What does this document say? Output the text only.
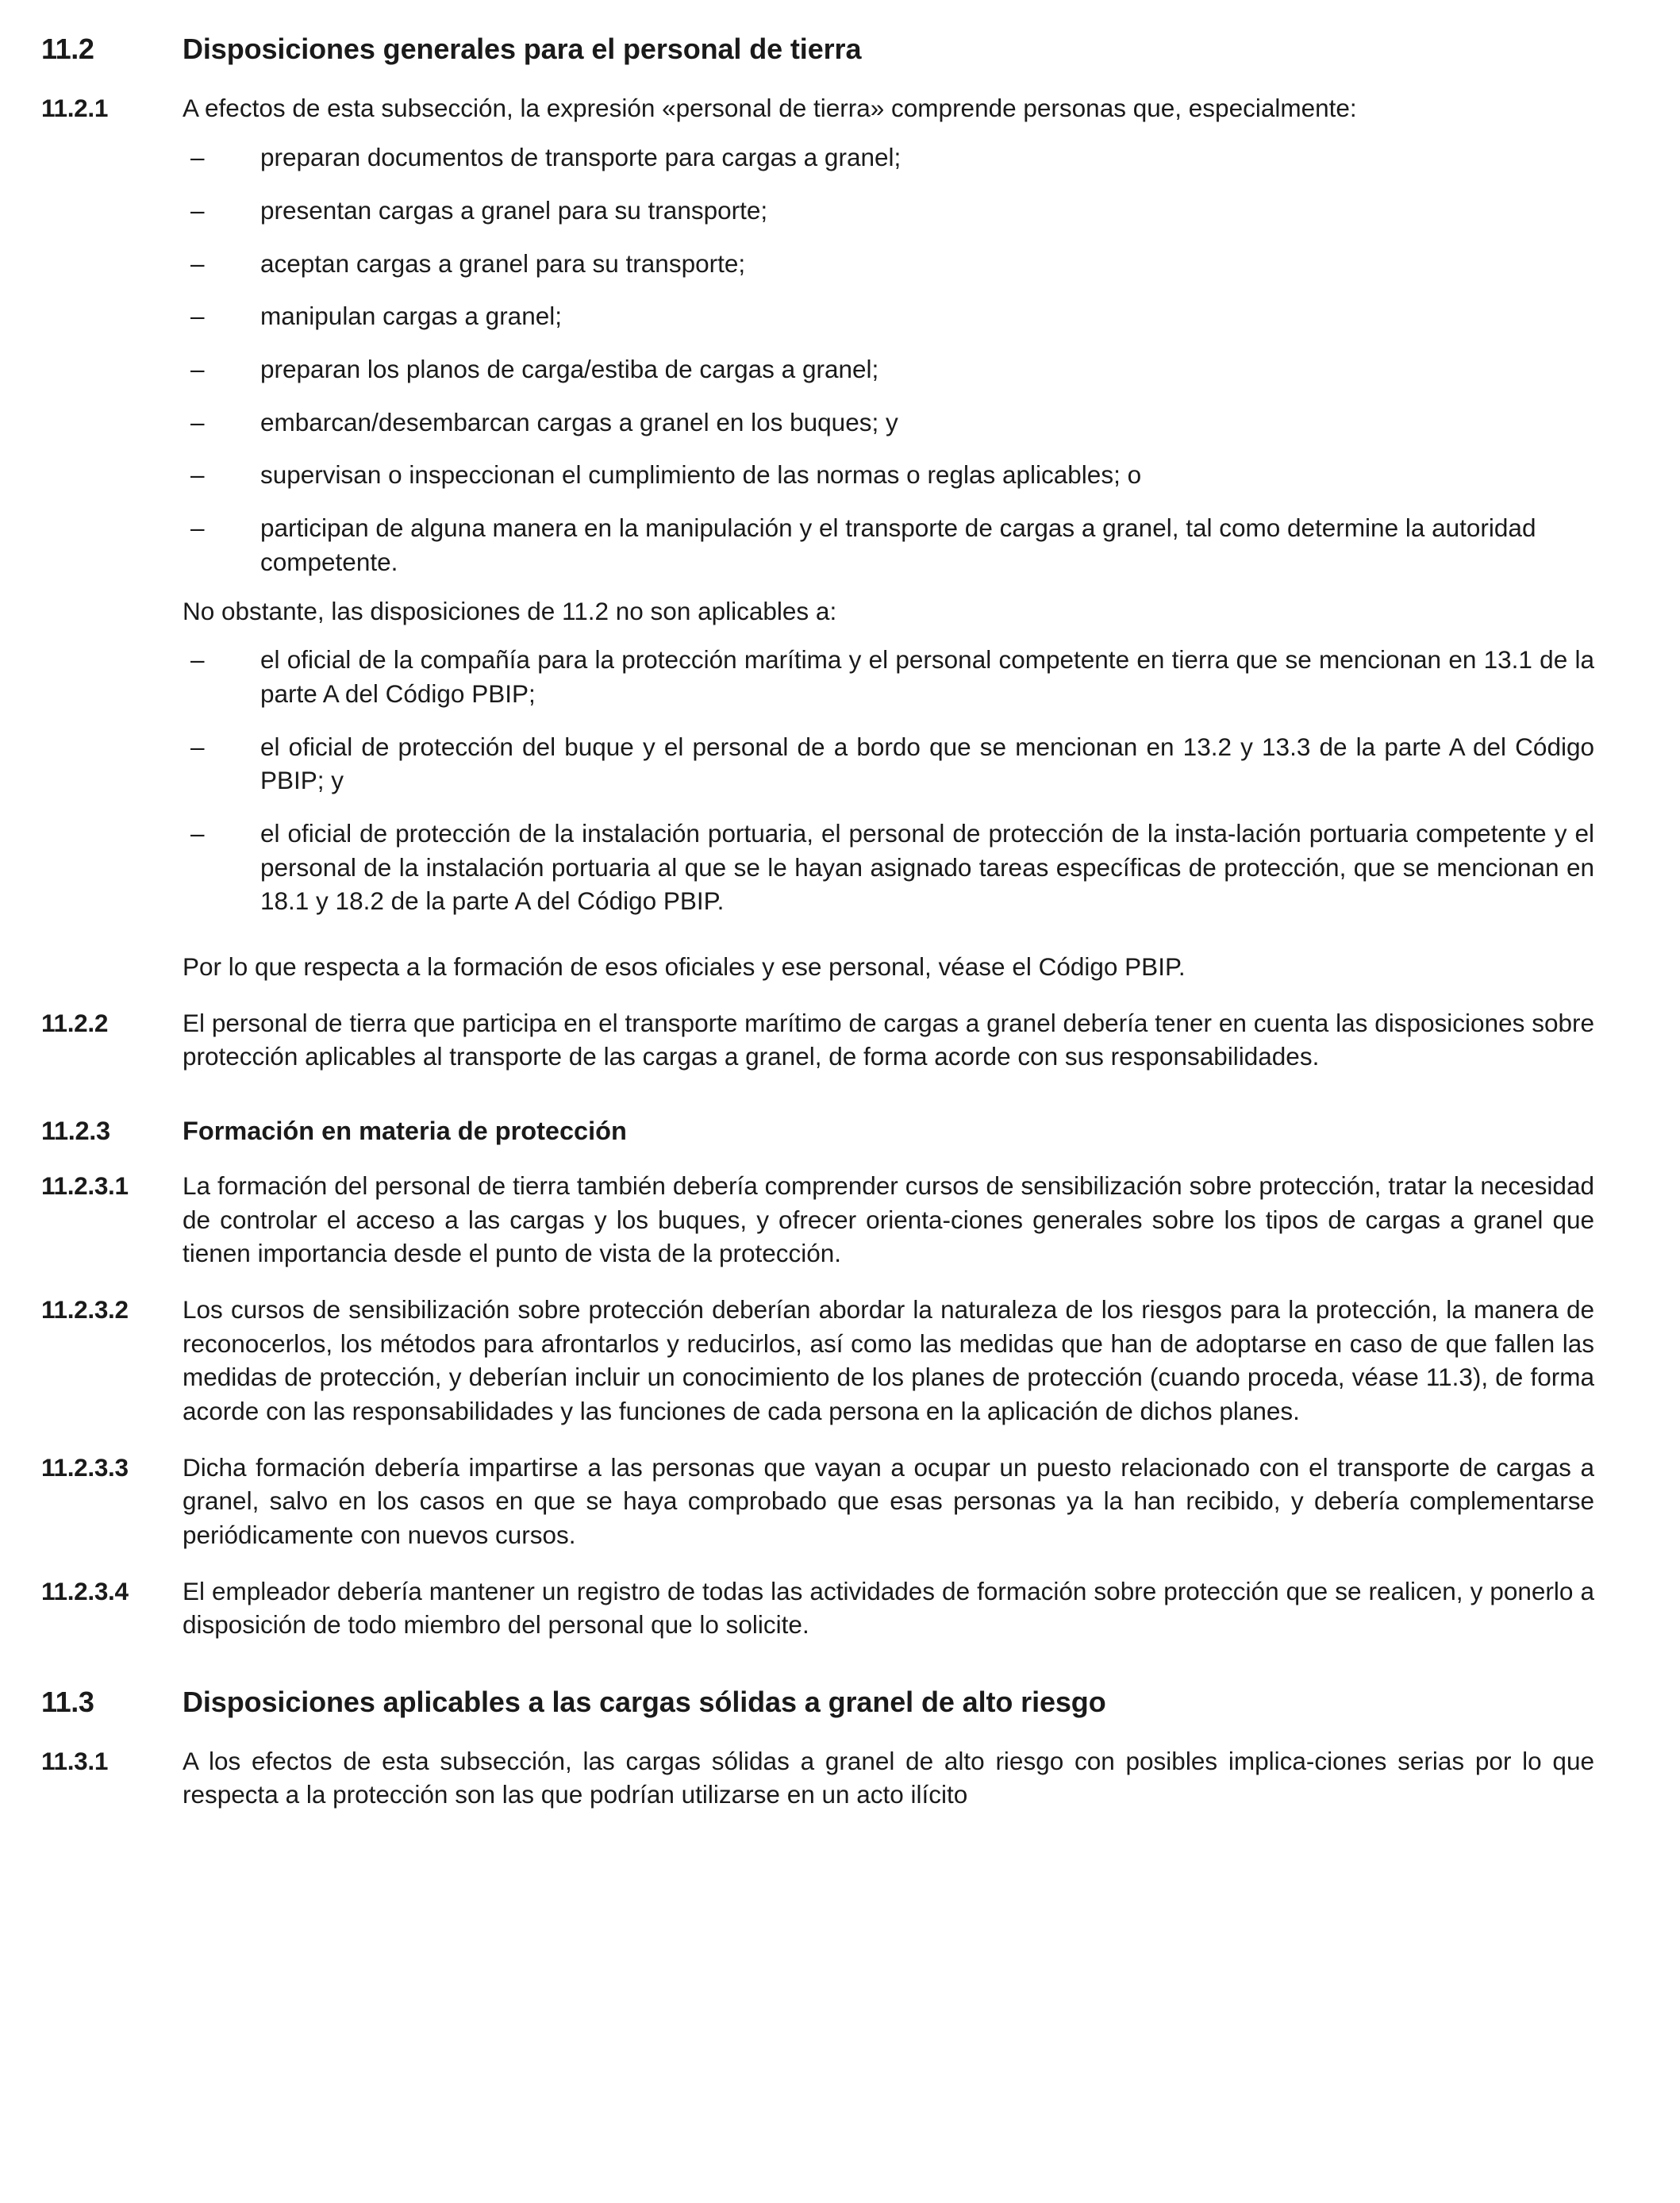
11.2	Disposiciones generales para el personal de tierra
11.2.1	A efectos de esta subsección, la expresión «personal de tierra» comprende personas que, especialmente:
–	preparan documentos de transporte para cargas a granel;
–	presentan cargas a granel para su transporte;
–	aceptan cargas a granel para su transporte;
–	manipulan cargas a granel;
–	preparan los planos de carga/estiba de cargas a granel;
–	embarcan/desembarcan cargas a granel en los buques; y
–	supervisan o inspeccionan el cumplimiento de las normas o reglas aplicables; o
–	participan de alguna manera en la manipulación y el transporte de cargas a granel, tal como determine la autoridad competente.
No obstante, las disposiciones de 11.2 no son aplicables a:
–	el oficial de la compañía para la protección marítima y el personal competente en tierra que se mencionan en 13.1 de la parte A del Código PBIP;
–	el oficial de protección del buque y el personal de a bordo que se mencionan en 13.2 y 13.3 de la parte A del Código PBIP; y
–	el oficial de protección de la instalación portuaria, el personal de protección de la insta-lación portuaria competente y el personal de la instalación portuaria al que se le hayan asignado tareas específicas de protección, que se mencionan en 18.1 y 18.2 de la parte A del Código PBIP.
Por lo que respecta a la formación de esos oficiales y ese personal, véase el Código PBIP.
11.2.2	El personal de tierra que participa en el transporte marítimo de cargas a granel debería tener en cuenta las disposiciones sobre protección aplicables al transporte de las cargas a granel, de forma acorde con sus responsabilidades.
11.2.3	Formación en materia de protección
11.2.3.1	La formación del personal de tierra también debería comprender cursos de sensibilización sobre protección, tratar la necesidad de controlar el acceso a las cargas y los buques, y ofrecer orienta-ciones generales sobre los tipos de cargas a granel que tienen importancia desde el punto de vista de la protección.
11.2.3.2	Los cursos de sensibilización sobre protección deberían abordar la naturaleza de los riesgos para la protección, la manera de reconocerlos, los métodos para afrontarlos y reducirlos, así como las medidas que han de adoptarse en caso de que fallen las medidas de protección, y deberían incluir un conocimiento de los planes de protección (cuando proceda, véase 11.3), de forma acorde con las responsabilidades y las funciones de cada persona en la aplicación de dichos planes.
11.2.3.3	Dicha formación debería impartirse a las personas que vayan a ocupar un puesto relacionado con el transporte de cargas a granel, salvo en los casos en que se haya comprobado que esas personas ya la han recibido, y debería complementarse periódicamente con nuevos cursos.
11.2.3.4	El empleador debería mantener un registro de todas las actividades de formación sobre protección que se realicen, y ponerlo a disposición de todo miembro del personal que lo solicite.
11.3	Disposiciones aplicables a las cargas sólidas a granel de alto riesgo
11.3.1	A los efectos de esta subsección, las cargas sólidas a granel de alto riesgo con posibles implica-ciones serias por lo que respecta a la protección son las que podrían utilizarse en un acto ilícito
